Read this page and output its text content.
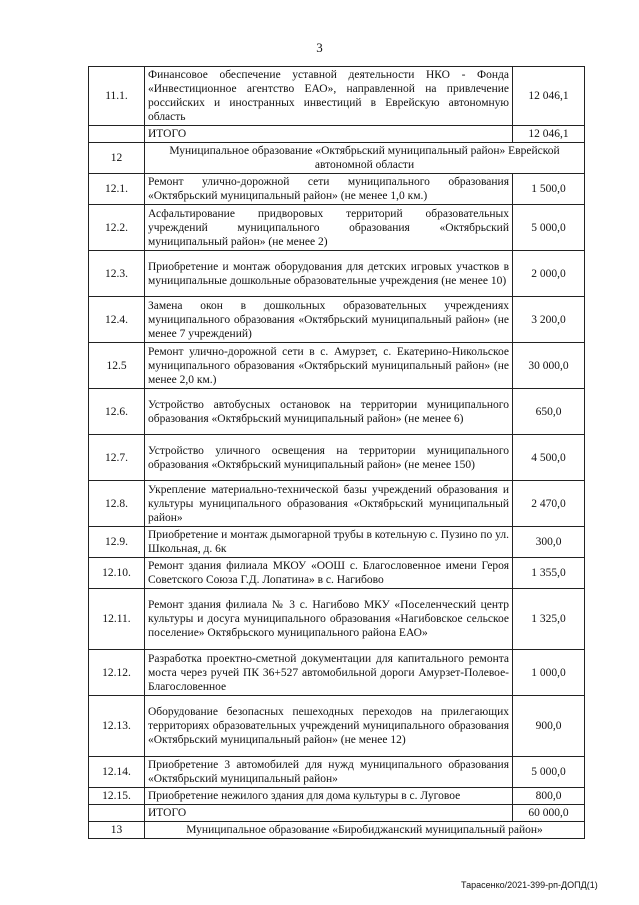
3
11.1.	Финансовое обеспечение уставной деятельности НКО - Фонда «Инвестиционное агентство ЕАО», направленной на привлечение российских и иностранных инвестиций в Еврейскую автономную область	12 046,1
	ИТОГО	12 046,1
12	Муниципальное образование «Октябрьский муниципальный район» Еврейской автономной области	
12.1.	Ремонт улично-дорожной сети муниципального образования «Октябрьский муниципальный район» (не менее 1,0 км.)	1 500,0
12.2.	Асфальтирование придворовых территорий образовательных учреждений муниципального образования «Октябрьский муниципальный район» (не менее 2)	5 000,0
12.3.	Приобретение и монтаж оборудования для детских игровых участков в муниципальные дошкольные образовательные учреждения (не менее 10)	2 000,0
12.4.	Замена окон в дошкольных образовательных учреждениях муниципального образования «Октябрьский муниципальный район» (не менее 7 учреждений)	3 200,0
12.5	Ремонт улично-дорожной сети в с. Амурзет, с. Екатерино-Никольское муниципального образования «Октябрьский муниципальный район» (не менее 2,0 км.)	30 000,0
12.6.	Устройство автобусных остановок на территории муниципального образования «Октябрьский муниципальный район» (не менее 6)	650,0
12.7.	Устройство уличного освещения на территории муниципального образования «Октябрьский муниципальный район» (не менее 150)	4 500,0
12.8.	Укрепление материально-технической базы учреждений образования и культуры муниципального образования «Октябрьский муниципальный район»	2 470,0
12.9.	Приобретение и монтаж дымогарной трубы в котельную с. Пузино по ул. Школьная, д. 6к	300,0
12.10.	Ремонт здания филиала МКОУ «ООШ с. Благословенное имени Героя Советского Союза Г.Д. Лопатина» в с. Нагибово	1 355,0
12.11.	Ремонт здания филиала № 3 с. Нагибово МКУ «Поселенческий центр культуры и досуга муниципального образования «Нагибовское сельское поселение» Октябрьского муниципального района ЕАО»	1 325,0
12.12.	Разработка проектно-сметной документации для капитального ремонта моста через ручей ПК 36+527 автомобильной дороги Амурзет-Полевое-Благословенное	1 000,0
12.13.	Оборудование безопасных пешеходных переходов на прилегающих территориях образовательных учреждений муниципального образования «Октябрьский муниципальный район» (не менее 12)	900,0
12.14.	Приобретение 3 автомобилей для нужд муниципального образования «Октябрьский муниципальный район»	5 000,0
12.15.	Приобретение нежилого здания для дома культуры в с. Луговое	800,0
	ИТОГО	60 000,0
13	Муниципальное образование «Биробиджанский муниципальный район»	
Тарасенко/2021-399-рп-ДОПД(1)
